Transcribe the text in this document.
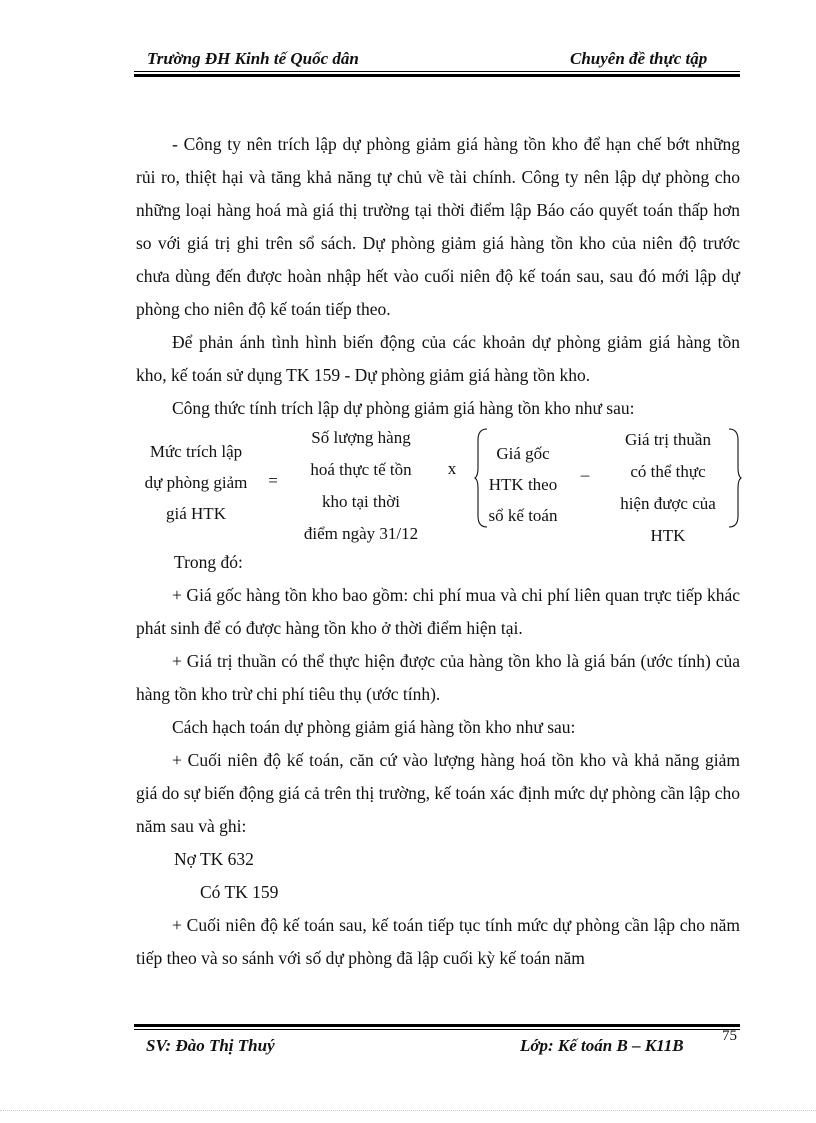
Trường ĐH Kinh tế Quốc dân	Chuyên đề thực tập

- Công ty nên trích lập dự phòng giảm giá hàng tồn kho để hạn chế bớt những rủi ro, thiệt hại và tăng khả năng tự chủ về tài chính. Công ty nên lập dự phòng cho những loại hàng hoá mà giá thị trường tại thời điểm lập Báo cáo quyết toán thấp hơn so với giá trị ghi trên sổ sách. Dự phòng giảm giá hàng tồn kho của niên độ trước chưa dùng đến được hoàn nhập hết vào cuối niên độ kế toán sau, sau đó mới lập dự phòng cho niên độ kế toán tiếp theo.

Để phản ánh tình hình biến động của các khoản dự phòng giảm giá hàng tồn kho, kế toán sử dụng TK 159 - Dự phòng giảm giá hàng tồn kho.

Công thức tính trích lập dự phòng giảm giá hàng tồn kho như sau:

Mức trích lập
dự phòng giảm
giá HTK
=
Số lượng hàng
hoá thực tế tồn
kho tại thời
điểm ngày 31/12
x
Giá gốc
HTK theo
sổ kế toán
–
Giá trị thuần
có thể thực
hiện được của
HTK

Trong đó:

+ Giá gốc hàng tồn kho bao gồm: chi phí mua và chi phí liên quan trực tiếp khác phát sinh để có được hàng tồn kho ở thời điểm hiện tại.

+ Giá trị thuần có thể thực hiện được của hàng tồn kho là giá bán (ước tính) của hàng tồn kho trừ chi phí tiêu thụ (ước tính).

Cách hạch toán dự phòng giảm giá hàng tồn kho như sau:

+ Cuối niên độ kế toán, căn cứ vào lượng hàng hoá tồn kho và khả năng giảm giá do sự biến động giá cả trên thị trường, kế toán xác định mức dự phòng cần lập cho năm sau và ghi:

Nợ TK 632

Có TK 159

+ Cuối niên độ kế toán sau, kế toán tiếp tục tính mức dự phòng cần lập cho năm tiếp theo và so sánh với số dự phòng đã lập cuối kỳ kế toán năm

SV: Đào Thị Thuý	Lớp: Kế toán B – K11B	75
